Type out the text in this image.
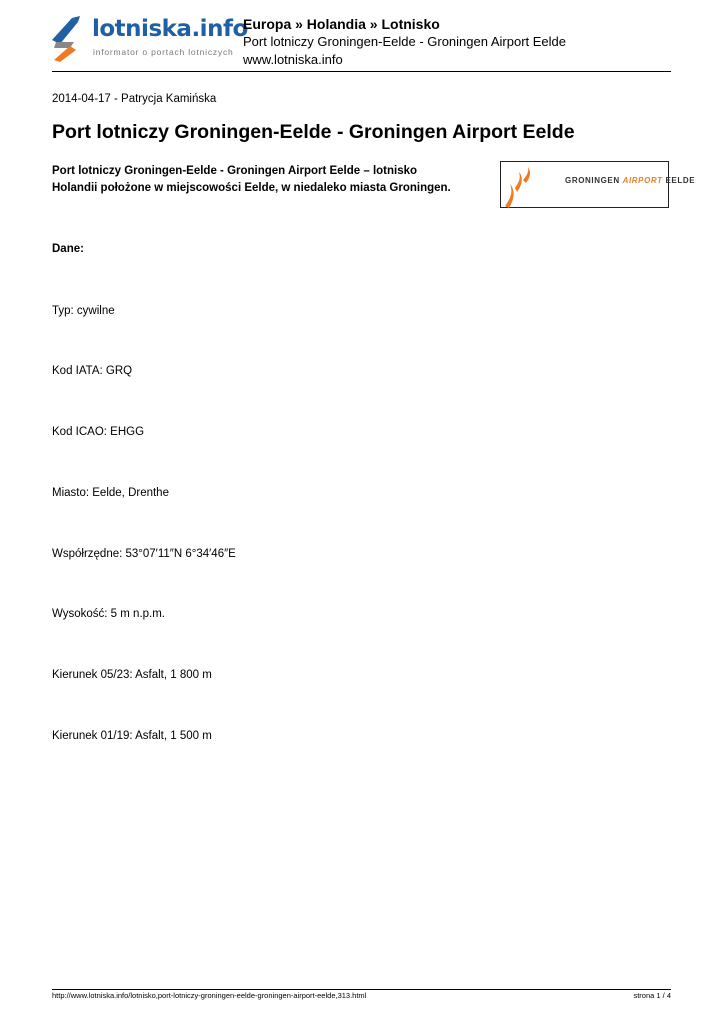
lotniska.info
informator o portach lotniczych
Europa » Holandia » Lotnisko
Port lotniczy Groningen-Eelde - Groningen Airport Eelde
www.lotniska.info
2014-04-17 - Patrycja Kamińska
Port lotniczy Groningen-Eelde - Groningen Airport Eelde
Port lotniczy Groningen-Eelde - Groningen Airport Eelde – lotnisko Holandii położone w miejscowości Eelde, w niedaleko miasta Groningen.
GRONINGEN AIRPORT EELDE
Dane:
Typ: cywilne
Kod IATA: GRQ
Kod ICAO: EHGG
Miasto: Eelde, Drenthe
Współrzędne: 53°07′11″N 6°34′46″E
Wysokość: 5 m n.p.m.
Kierunek 05/23: Asfalt, 1 800 m
Kierunek 01/19: Asfalt, 1 500 m
http://www.lotniska.info/lotnisko,port-lotniczy-groningen-eelde-groningen-airport-eelde,313.html	strona 1 / 4
